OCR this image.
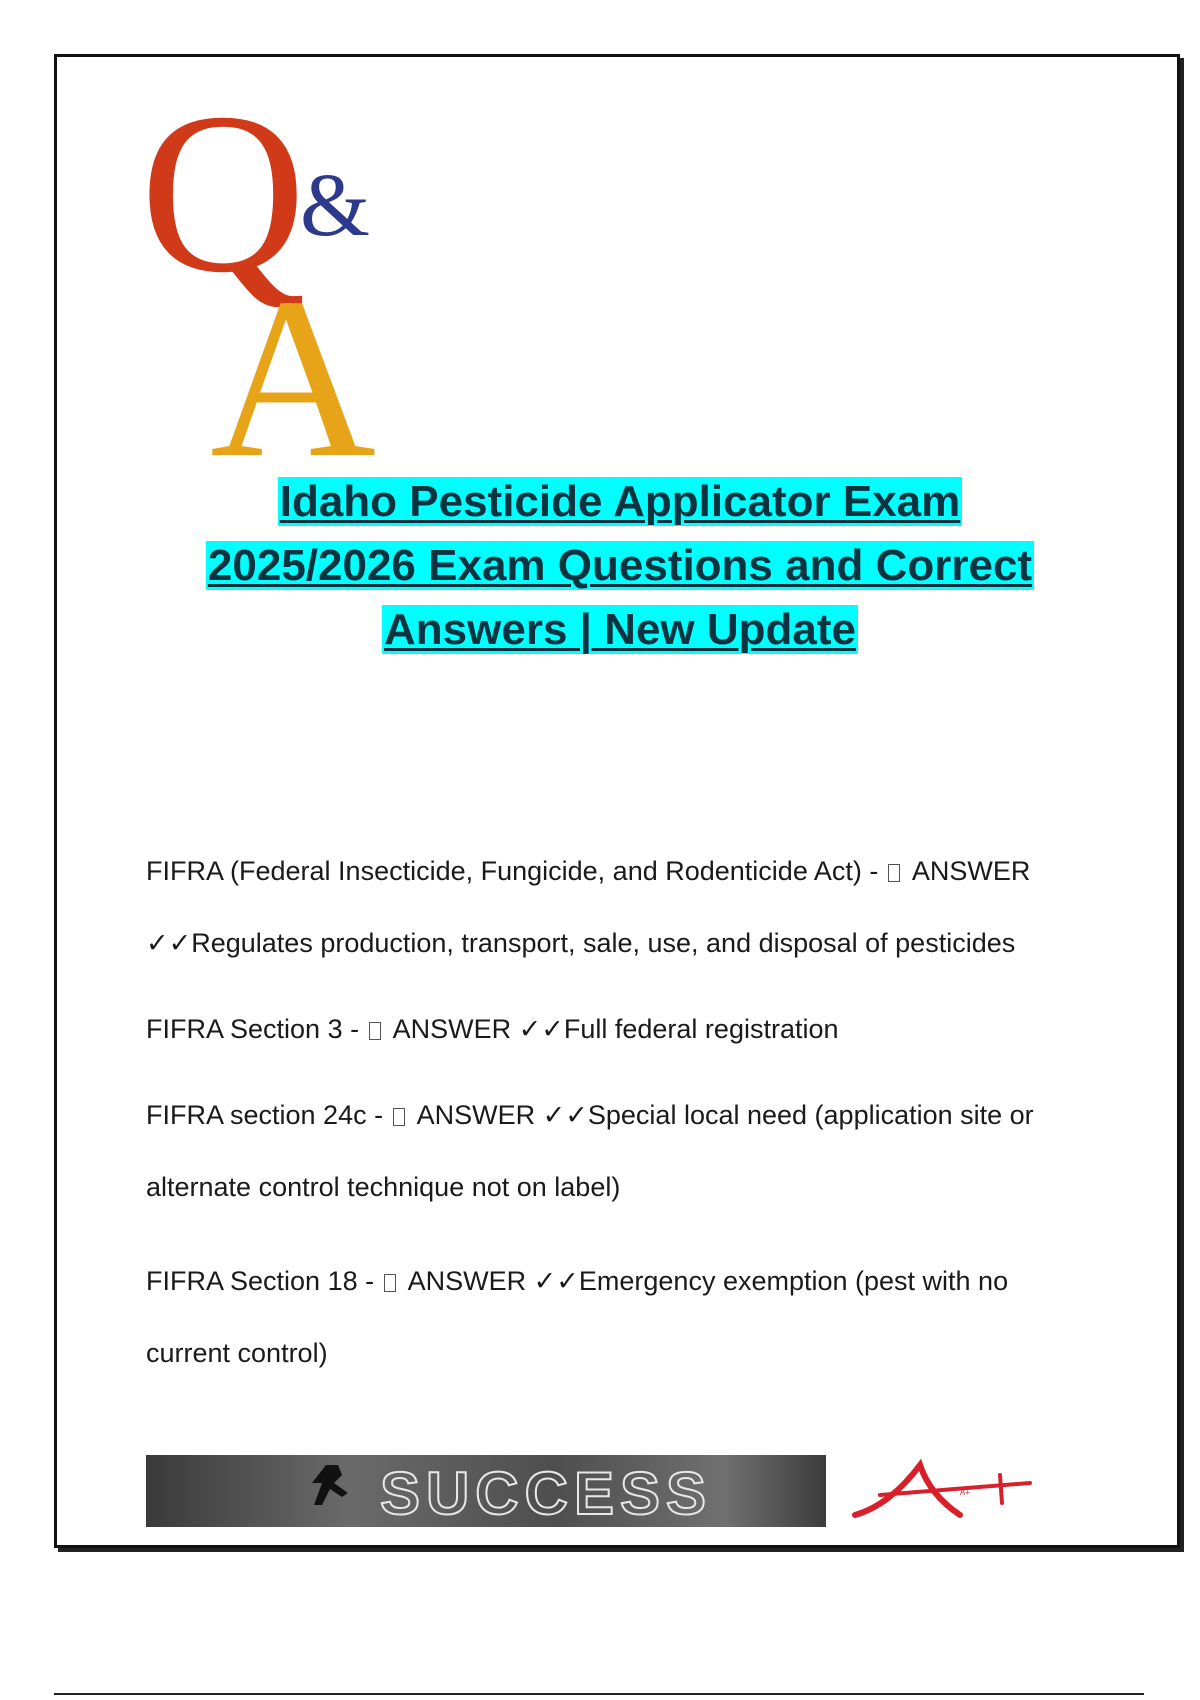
Q
&
A
Idaho Pesticide Applicator Exam
2025/2026 Exam Questions and Correct
Answers | New Update
FIFRA (Federal Insecticide, Fungicide, and Rodenticide Act) -  ANSWER
✓✓Regulates production, transport, sale, use, and disposal of pesticides
FIFRA Section 3 -  ANSWER ✓✓Full federal registration
FIFRA section 24c -  ANSWER ✓✓Special local need (application site or
alternate control technique not on label)
FIFRA Section 18 -  ANSWER ✓✓Emergency exemption (pest with no
current control)
SUCCESS	A+
